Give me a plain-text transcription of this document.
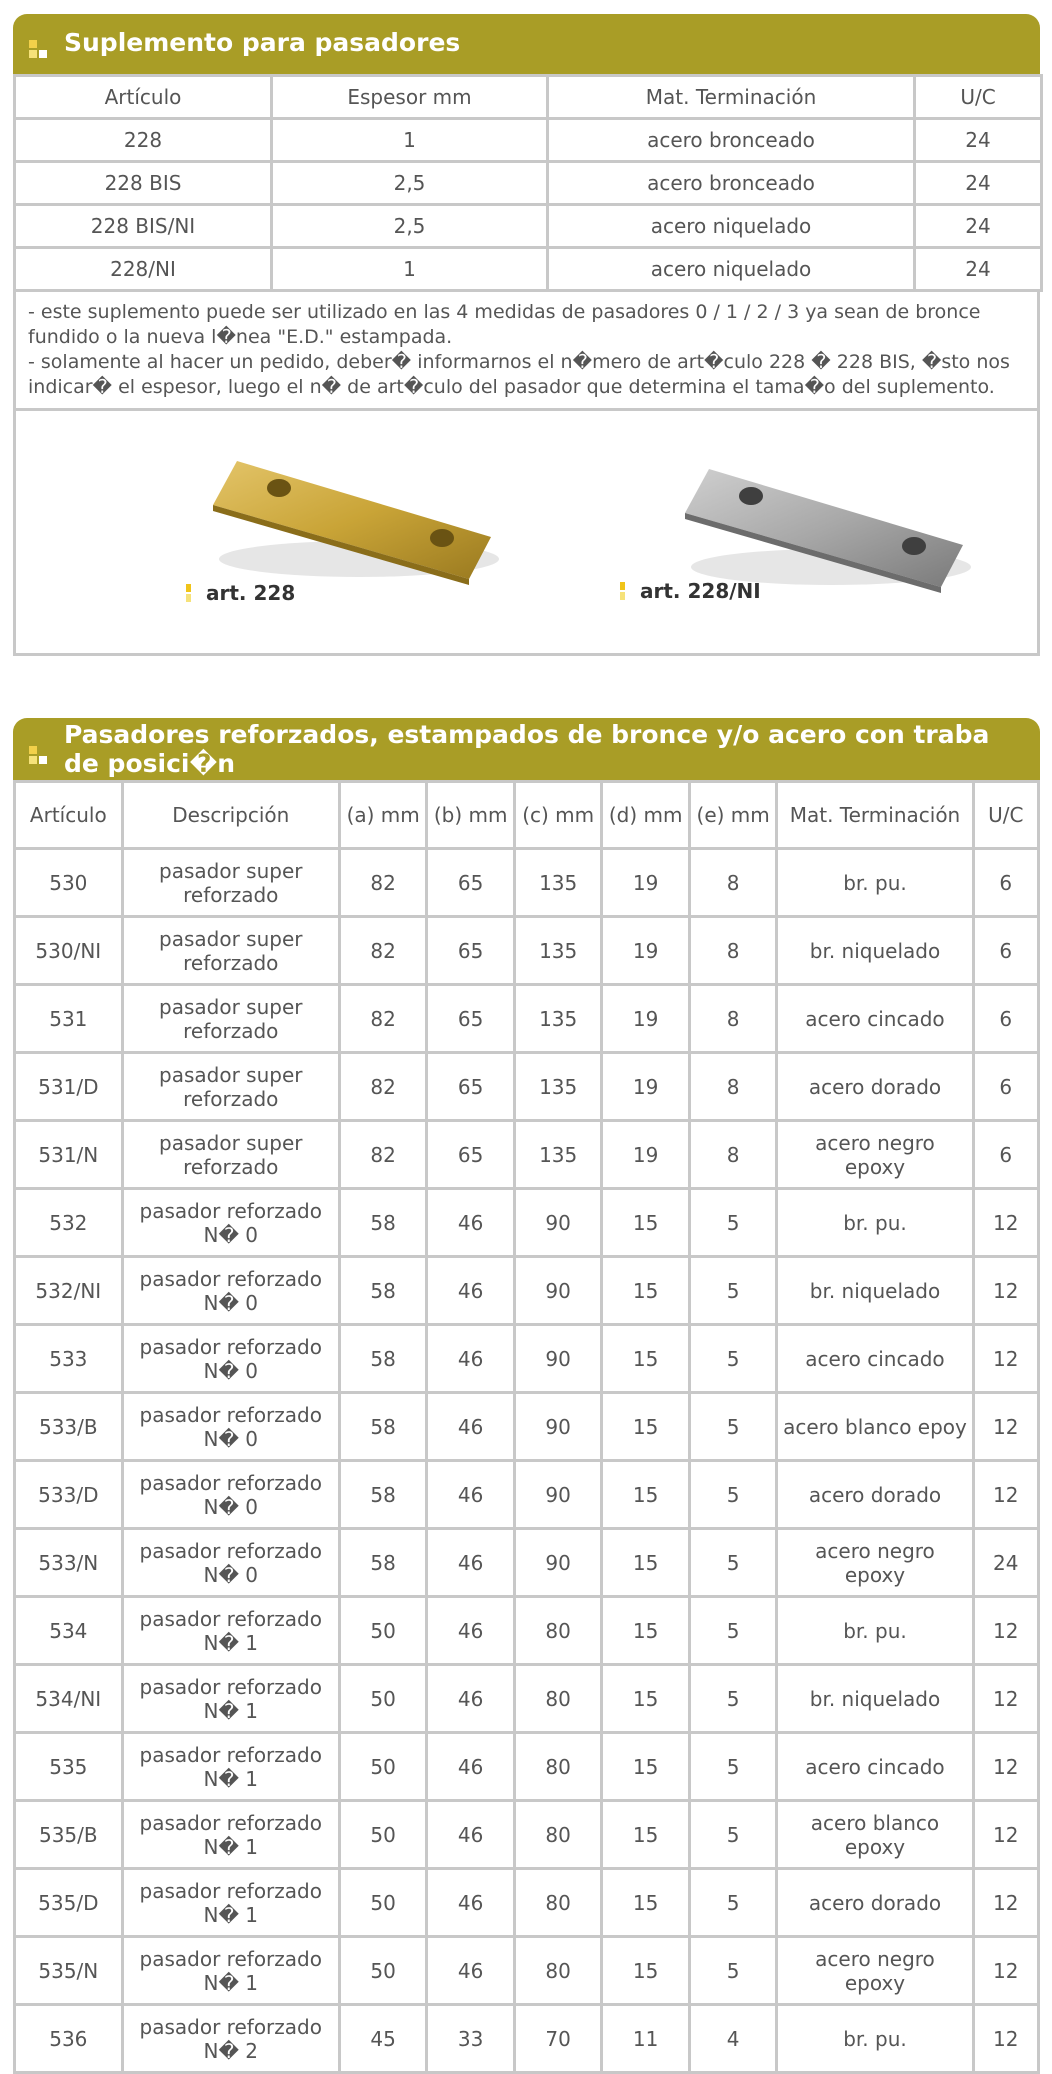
Suplemento para pasadores
Artículo	Espesor mm	Mat. Terminación	U/C
228	1	acero bronceado	24
228 BIS	2,5	acero bronceado	24
228 BIS/NI	2,5	acero niquelado	24
228/NI	1	acero niquelado	24
- este suplemento puede ser utilizado en las 4 medidas de pasadores 0 / 1 / 2 / 3 ya sean de bronce fundido o la nueva l�nea "E.D." estampada.
- solamente al hacer un pedido, deber� informarnos el n�mero de art�culo 228 � 228 BIS, �sto nos indicar� el espesor, luego el n� de art�culo del pasador que determina el tama�o del suplemento.
art. 228	art. 228/NI
Pasadores reforzados, estampados de bronce y/o acero con traba de posici�n
Artículo	Descripción	(a) mm	(b) mm	(c) mm	(d) mm	(e) mm	Mat. Terminación	U/C
530	pasador super reforzado	82	65	135	19	8	br. pu.	6
530/NI	pasador super reforzado	82	65	135	19	8	br. niquelado	6
531	pasador super reforzado	82	65	135	19	8	acero cincado	6
531/D	pasador super reforzado	82	65	135	19	8	acero dorado	6
531/N	pasador super reforzado	82	65	135	19	8	acero negro epoxy	6
532	pasador reforzado N� 0	58	46	90	15	5	br. pu.	12
532/NI	pasador reforzado N� 0	58	46	90	15	5	br. niquelado	12
533	pasador reforzado N� 0	58	46	90	15	5	acero cincado	12
533/B	pasador reforzado N� 0	58	46	90	15	5	acero blanco epoy	12
533/D	pasador reforzado N� 0	58	46	90	15	5	acero dorado	12
533/N	pasador reforzado N� 0	58	46	90	15	5	acero negro epoxy	24
534	pasador reforzado N� 1	50	46	80	15	5	br. pu.	12
534/NI	pasador reforzado N� 1	50	46	80	15	5	br. niquelado	12
535	pasador reforzado N� 1	50	46	80	15	5	acero cincado	12
535/B	pasador reforzado N� 1	50	46	80	15	5	acero blanco epoxy	12
535/D	pasador reforzado N� 1	50	46	80	15	5	acero dorado	12
535/N	pasador reforzado N� 1	50	46	80	15	5	acero negro epoxy	12
536	pasador reforzado N� 2	45	33	70	11	4	br. pu.	12
